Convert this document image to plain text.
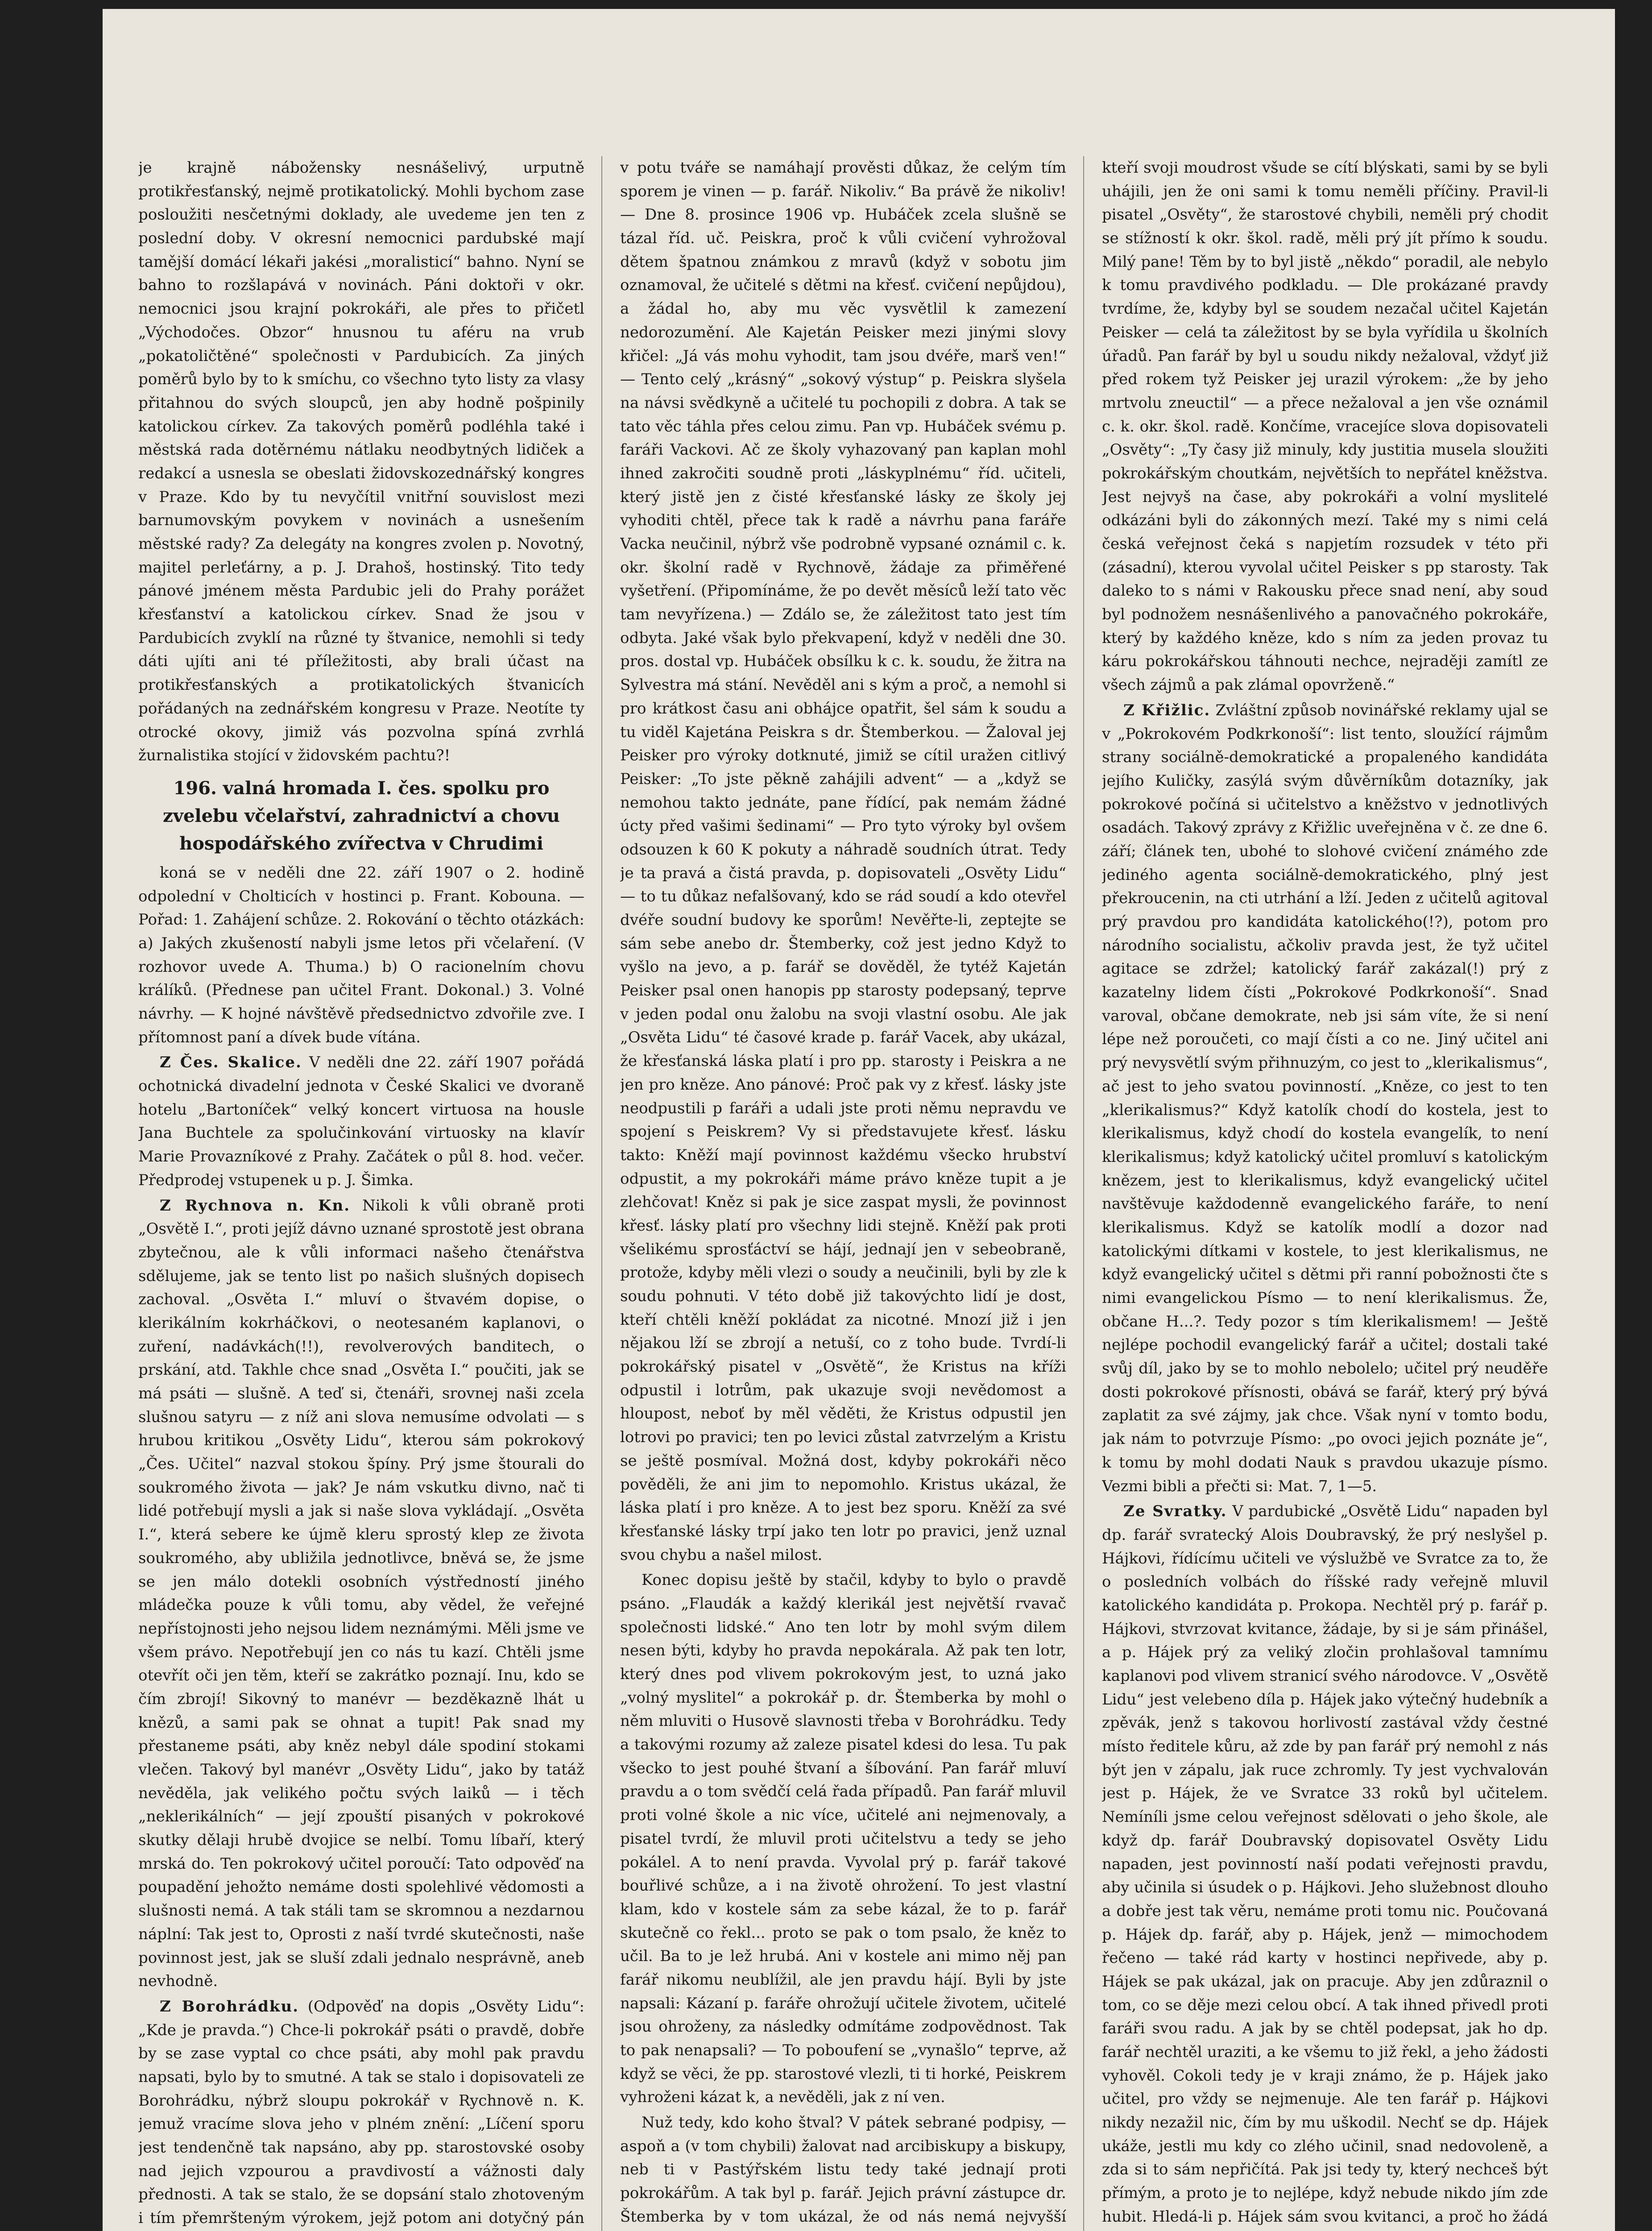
je krajně nábožensky nesnášelivý, urputně protikřesťanský, nejmě protikatolický. Mohli bychom zase posloužiti nesčetnými doklady, ale uvedeme jen ten z poslední doby. V okresní nemocnici pardubské mají tamější domácí lékaři jakési „moralisticí“ bahno. Nyní se bahno to rozšlapává v novinách. Páni doktoři v okr. nemocnici jsou krajní pokrokáři, ale přes to přičetl „Východočes. Obzor“ hnusnou tu aféru na vrub „pokatoličtěné“ společnosti v Pardubicích. Za jiných poměrů bylo by to k smíchu, co všechno tyto listy za vlasy přitahnou do svých sloupců, jen aby hodně pošpinily katolickou církev. Za takových poměrů podléhla také i městská rada dotěrnému nátlaku neodbytných lidiček a redakcí a usnesla se obeslati židovskozednářský kongres v Praze. Kdo by tu nevyčítil vnitřní souvislost mezi barnumovským povykem v novinách a usnešením městské rady? Za delegáty na kongres zvolen p. Novotný, majitel perleťárny, a p. J. Drahoš, hostinský. Tito tedy pánové jménem města Pardubic jeli do Prahy porážet křesťanství a katolickou církev. Snad že jsou v Pardubicích zvyklí na různé ty štvanice, nemohli si tedy dáti ujíti ani té příležitosti, aby brali účast na protikřesťanských a protikatolických štvanicích pořádaných na zednářském kongresu v Praze. Neotíte ty otrocké okovy, jimiž vás pozvolna spíná zvrhlá žurnalistika stojící v židovském pachtu?!

196. valná hromada I. čes. spolku pro zvelebu včelařství, zahradnictví a chovu hospodářského zvířectva v Chrudimi

koná se v neděli dne 22. září 1907 o 2. hodině odpolední v Cholticích v hostinci p. Frant. Kobouna. — Pořad: 1. Zahájení schůze. 2. Rokování o těchto otázkách: a) Jakých zkušeností nabyli jsme letos při včelaření. (V rozhovor uvede A. Thuma.) b) O racionelním chovu králíků. (Přednese pan učitel Frant. Dokonal.) 3. Volné návrhy. — K hojné návštěvě předsednictvo zdvořile zve. I přítomnost paní a dívek bude vítána.

Z Čes. Skalice. V neděli dne 22. září 1907 pořádá ochotnická divadelní jednota v České Skalici ve dvoraně hotelu „Bartoníček“ velký koncert virtuosa na housle Jana Buchtele za spolučinkování virtuosky na klavír Marie Provazníkové z Prahy. Začátek o půl 8. hod. večer. Předprodej vstupenek u p. J. Šimka.

Z Rychnova n. Kn. Nikoli k vůli obraně proti „Osvětě I.“, proti jejíž dávno uznané sprostotě jest obrana zbytečnou, ale k vůli informaci našeho čtenářstva sdělujeme, jak se tento list po našich slušných dopisech zachoval. „Osvěta I.“ mluví o štvavém dopise, o klerikálním kokrháčkovi, o neotesaném kaplanovi, o zuření, nadávkách(!!), revolverových banditech, o prskání, atd. Takhle chce snad „Osvěta I.“ poučiti, jak se má psáti — slušně. A teď si, čtenáři, srovnej naši zcela slušnou satyru — z níž ani slova nemusíme odvolati — s hrubou kritikou „Osvěty Lidu“, kterou sám pokrokový „Čes. Učitel“ nazval stokou špíny. Prý jsme štourali do soukromého života — jak? Je nám vskutku divno, nač ti lidé potřebují mysli a jak si naše slova vykládají. „Osvěta I.“, která sebere ke újmě kleru sprostý klep ze života soukromého, aby ubližila jednotlivce, bněvá se, že jsme se jen málo dotekli osobních výstředností jiného mládečka pouze k vůli tomu, aby vědel, že veřejné nepřístojnosti jeho nejsou lidem neznámými. Měli jsme ve všem právo. Nepotřebují jen co nás tu kazí. Chtěli jsme otevřít oči jen těm, kteří se zakrátko poznají. Inu, kdo se čím zbrojí! Sikovný to manévr — bezděkazně lhát u knězů, a sami pak se ohnat a tupit! Pak snad my přestaneme psáti, aby kněz nebyl dále spodiní stokami vlečen. Takový byl manévr „Osvěty Lidu“, jako by tatáž nevěděla, jak velikého počtu svých laiků — i těch „neklerikálních“ — její zpouští pisaných v pokrokové skutky dělaji hrubě dvojice se nelbí. Tomu líbaří, který mrská do. Ten pokrokový učitel poroučí: Tato odpověď na poupadění jehožto nemáme dosti spolehlivé vědomosti a slušnosti nemá. A tak stáli tam se skromnou a nezdarnou náplní: Tak jest to, Oprosti z naší tvrdé skutečnosti, naše povinnost jest, jak se sluší zdali jednalo nesprávně, aneb nevhodně.

Z Borohrádku. (Odpověď na dopis „Osvěty Lidu“: „Kde je pravda.“) Chce-li pokrokář psáti o pravdě, dobře by se zase vyptal co chce psáti, aby mohl pak pravdu napsati, bylo by to smutné. A tak se stalo i dopisovateli ze Borohrádku, nýbrž sloupu pokrokář v Rychnově n. K. jemuž vracíme slova jeho v plném znění: „Líčení sporu jest tendenčně tak napsáno, aby pp. starostovské osoby nad jejich vzpourou a pravdivostí a vážnosti daly přednosti. A tak se stalo, že se dopsání stalo zhotoveným i tím přemršteným výrokem, jejž potom ani dotyčný pán

v potu tváře se namáhají prověsti důkaz, že celým tím sporem je vinen — p. farář. Nikoliv.“ Ba právě že nikoliv! — Dne 8. prosince 1906 vp. Hubáček zcela slušně se tázal říd. uč. Peiskra, proč k vůli cvičení vyhrožoval dětem špatnou známkou z mravů (když v sobotu jim oznamoval, že učitelé s dětmi na křesť. cvičení nepůjdou), a žádal ho, aby mu věc vysvětlil k zamezení nedorozumění. Ale Kajetán Peisker mezi jinými slovy křičel: „Já vás mohu vyhodit, tam jsou dvéře, marš ven!“ — Tento celý „krásný“ „sokový výstup“ p. Peiskra slyšela na návsi svědkyně a učitelé tu pochopili z dobra. A tak se tato věc táhla přes celou zimu. Pan vp. Hubáček svému p. faráři Vackovi. Ač ze školy vyhazovaný pan kaplan mohl ihned zakročiti soudně proti „láskyplnému“ říd. učiteli, který jistě jen z čisté křesťanské lásky ze školy jej vyhoditi chtěl, přece tak k radě a návrhu pana faráře Vacka neučinil, nýbrž vše podrobně vypsané oznámil c. k. okr. školní radě v Rychnově, žádaje za přiměřené vyšetření. (Připomínáme, že po devět měsíců leží tato věc tam nevyřízena.) — Zdálo se, že záležitost tato jest tím odbyta. Jaké však bylo překvapení, když v neděli dne 30. pros. dostal vp. Hubáček obsílku k c. k. soudu, že žitra na Sylvestra má stání. Nevěděl ani s kým a proč, a nemohl si pro krátkost času ani obhájce opatřit, šel sám k soudu a tu viděl Kajetána Peiskra s dr. Štemberkou. — Žaloval jej Peisker pro výroky dotknuté, jimiž se cítil uražen citlivý Peisker: „To jste pěkně zahájili advent“ — a „když se nemohou takto jednáte, pane řídící, pak nemám žádné úcty před vašimi šedinami“ — Pro tyto výroky byl ovšem odsouzen k 60 K pokuty a náhradě soudních útrat. Tedy je ta pravá a čistá pravda, p. dopisovateli „Osvěty Lidu“ — to tu důkaz nefalšovaný, kdo se rád soudí a kdo otevřel dvéře soudní budovy ke sporům! Nevěřte-li, zeptejte se sám sebe anebo dr. Štemberky, což jest jedno Když to vyšlo na jevo, a p. farář se dověděl, že tytéž Kajetán Peisker psal onen hanopis pp starosty podepsaný, teprve v jeden podal onu žalobu na svoji vlastní osobu. Ale jak „Osvěta Lidu“ té časové krade p. farář Vacek, aby ukázal, že křesťanská láska platí i pro pp. starosty i Peiskra a ne jen pro kněze. Ano pánové: Proč pak vy z křesť. lásky jste neodpustili p faráři a udali jste proti němu nepravdu ve spojení s Peiskrem? Vy si představujete křesť. lásku takto: Kněží mají povinnost každému všecko hrubství odpustit, a my pokrokáři máme právo kněze tupit a je zlehčovat! Kněz si pak je sice zaspat mysli, že povinnost křesť. lásky platí pro všechny lidi stejně. Kněží pak proti všelikému sprosťáctví se hájí, jednají jen v sebeobraně, protože, kdyby měli vlezi o soudy a neučinili, byli by zle k soudu pohnuti. V této době již takovýchto lidí je dost, kteří chtěli kněží pokládat za nicotné. Mnozí již i jen nějakou lží se zbrojí a netuší, co z toho bude. Tvrdí-li pokrokářský pisatel v „Osvětě“, že Kristus na kříži odpustil i lotrům, pak ukazuje svoji nevědomost a hloupost, neboť by měl věděti, že Kristus odpustil jen lotrovi po pravici; ten po levici zůstal zatvrzelým a Kristu se ještě posmíval. Možná dost, kdyby pokrokáři něco pověděli, že ani jim to nepomohlo. Kristus ukázal, že láska platí i pro kněze. A to jest bez sporu. Kněží za své křesťanské lásky trpí jako ten lotr po pravici, jenž uznal svou chybu a našel milost.

Konec dopisu ještě by stačil, kdyby to bylo o pravdě psáno. „Flaudák a každý klerikál jest největší rvavač společnosti lidské.“ Ano ten lotr by mohl svým dilem nesen býti, kdyby ho pravda nepokárala. Až pak ten lotr, který dnes pod vlivem pokrokovým jest, to uzná jako „volný myslitel“ a pokrokář p. dr. Štemberka by mohl o něm mluviti o Husově slavnosti třeba v Borohrádku. Tedy a takovými rozumy až zaleze pisatel kdesi do lesa. Tu pak všecko to jest pouhé štvaní a šíbování. Pan farář mluví pravdu a o tom svědčí celá řada případů. Pan farář mluvil proti volné škole a nic více, učitelé ani nejmenovaly, a pisatel tvrdí, že mluvil proti učitelstvu a tedy se jeho pokálel. A to není pravda. Vyvolal prý p. farář takové bouřlivé schůze, a i na životě ohrožení. To jest vlastní klam, kdo v kostele sám za sebe kázal, že to p. farář skutečně co řekl... proto se pak o tom psalo, že kněz to učil. Ba to je lež hrubá. Ani v kostele ani mimo něj pan farář nikomu neublížil, ale jen pravdu hájí. Byli by jste napsali: Kázaní p. faráře ohrožují učitele životem, učitelé jsou ohroženy, za následky odmítáme zodpovědnost. Tak to pak nenapsali? — To poboufení se „vynašlo“ teprve, až když se věci, že pp. starostové vlezli, ti ti horké, Peiskrem vyhroženi kázat k, a nevěděli, jak z ní ven.

Nuž tedy, kdo koho štval? V pátek sebrané podpisy, — aspoň a (v tom chybili) žalovat nad arcibiskupy a biskupy, neb ti v Pastýřském listu tedy také jednají proti pokrokářům. A tak byl p. farář. Jejich právní zástupce dr. Štemberka by v tom ukázal, že od nás nemá nejvyšší

kteří svoji moudrost všude se cítí blýskati, sami by se byli uhájili, jen že oni sami k tomu neměli příčiny. Pravil-li pisatel „Osvěty“, že starostové chybili, neměli prý chodit se stížností k okr. škol. radě, měli prý jít přímo k soudu. Milý pane! Těm by to byl jistě „někdo“ poradil, ale nebylo k tomu pravdivého podkladu. — Dle prokázané pravdy tvrdíme, že, kdyby byl se soudem nezačal učitel Kajetán Peisker — celá ta záležitost by se byla vyřídila u školních úřadů. Pan farář by byl u soudu nikdy nežaloval, vždyť již před rokem tyž Peisker jej urazil výrokem: „že by jeho mrtvolu zneuctil“ — a přece nežaloval a jen vše oznámil c. k. okr. škol. radě. Končíme, vracejíce slova dopisovateli „Osvěty“: „Ty časy již minuly, kdy justitia musela sloužiti pokrokářským choutkám, největších to nepřátel kněžstva. Jest nejvyš na čase, aby pokrokáři a volní myslitelé odkázáni byli do zákonných mezí. Také my s nimi celá česká veřejnost čeká s napjetím rozsudek v této při (zásadní), kterou vyvolal učitel Peisker s pp starosty. Tak daleko to s námi v Rakousku přece snad není, aby soud byl podnožem nesnášenlivého a panovačného pokrokáře, který by každého kněze, kdo s ním za jeden provaz tu káru pokrokářskou táhnouti nechce, nejraději zamítl ze všech zájmů a pak zlámal opovrženě.“

Z Křižlic. Zvláštní způsob novinářské reklamy ujal se v „Pokrokovém Podkrkonoší“: list tento, sloužící rájmům strany sociálně-demokratické a propaleného kandidáta jejího Kuličky, zasýlá svým důvěrníkům dotazníky, jak pokrokové počíná si učitelstvo a kněžstvo v jednotlivých osadách. Takový zprávy z Křižlic uveřejněna v č. ze dne 6. září; článek ten, ubohé to slohové cvičení známého zde jediného agenta sociálně-demokratického, plný jest překroucenin, na cti utrhání a lží. Jeden z učitelů agitoval prý pravdou pro kandidáta katolického(!?), potom pro národního socialistu, ačkoliv pravda jest, že tyž učitel agitace se zdržel; katolický farář zakázal(!) prý z kazatelny lidem čísti „Pokrokové Podkrkonoší“. Snad varoval, občane demokrate, neb jsi sám víte, že si není lépe než poroučeti, co mají čísti a co ne. Jiný učitel ani prý nevysvětlí svým přihnuzým, co jest to „klerikalismus“, ač jest to jeho svatou povinností. „Kněze, co jest to ten „klerikalismus?“ Když katolík chodí do kostela, jest to klerikalismus, když chodí do kostela evangelík, to není klerikalismus; když katolický učitel promluví s katolickým knězem, jest to klerikalismus, když evangelický učitel navštěvuje každodenně evangelického faráře, to není klerikalismus. Když se katolík modlí a dozor nad katolickými dítkami v kostele, to jest klerikalismus, ne když evangelický učitel s dětmi při ranní pobožnosti čte s nimi evangelickou Písmo — to není klerikalismus. Že, občane H...?. Tedy pozor s tím klerikalismem! — Ještě nejlépe pochodil evangelický farář a učitel; dostali také svůj díl, jako by se to mohlo nebolelo; učitel prý neuděře dosti pokrokové přísnosti, obává se farář, který prý bývá zaplatit za své zájmy, jak chce. Však nyní v tomto bodu, jak nám to potvrzuje Písmo: „po ovoci jejich poznáte je“, k tomu by mohl dodati Nauk s pravdou ukazuje písmo. Vezmi bibli a přečti si: Mat. 7, 1—5.

Ze Svratky. V pardubické „Osvětě Lidu“ napaden byl dp. farář svratecký Alois Doubravský, že prý neslyšel p. Hájkovi, řídícímu učiteli ve výslužbě ve Svratce za to, že o posledních volbách do říšské rady veřejně mluvil katolického kandidáta p. Prokopa. Nechtěl prý p. farář p. Hájkovi, stvrzovat kvitance, žádaje, by si je sám přinášel, a p. Hájek prý za veliký zločin prohlašoval tamnímu kaplanovi pod vlivem stranicí svého národovce. V „Osvětě Lidu“ jest velebeno díla p. Hájek jako výtečný hudebník a zpěvák, jenž s takovou horlivostí zastával vždy čestné místo ředitele kůru, až zde by pan farář prý nemohl z nás být jen v zápalu, jak ruce zchromly. Ty jest vychvalován jest p. Hájek, že ve Svratce 33 roků byl učitelem. Nemíníli jsme celou veřejnost sdělovati o jeho škole, ale když dp. farář Doubravský dopisovatel Osvěty Lidu napaden, jest povinností naší podati veřejnosti pravdu, aby učinila si úsudek o p. Hájkovi. Jeho služebnost dlouho a dobře jest tak věru, nemáme proti tomu nic. Poučovaná p. Hájek dp. farář, aby p. Hájek, jenž — mimochodem řečeno — také rád karty v hostinci nepřivede, aby p. Hájek se pak ukázal, jak on pracuje. Aby jen zdůraznil o tom, co se děje mezi celou obcí. A tak ihned přivedl proti faráři svou radu. A jak by se chtěl podepsat, jak ho dp. farář nechtěl uraziti, a ke všemu to již řekl, a jeho žádosti vyhověl. Cokoli tedy je v kraji známo, že p. Hájek jako učitel, pro vždy se nejmenuje. Ale ten farář p. Hájkovi nikdy nezažil nic, čím by mu uškodil. Nechť se dp. Hájek ukáže, jestli mu kdy co zlého učinil, snad nedovoleně, a zda si to sám nepřičítá. Pak jsi tedy ty, který nechceš být přímým, a proto je to nejlépe, když nebude nikdo jím zde hubit. Hledá-li p. Hájek sám svou kvitanci, a proč ho žádá
